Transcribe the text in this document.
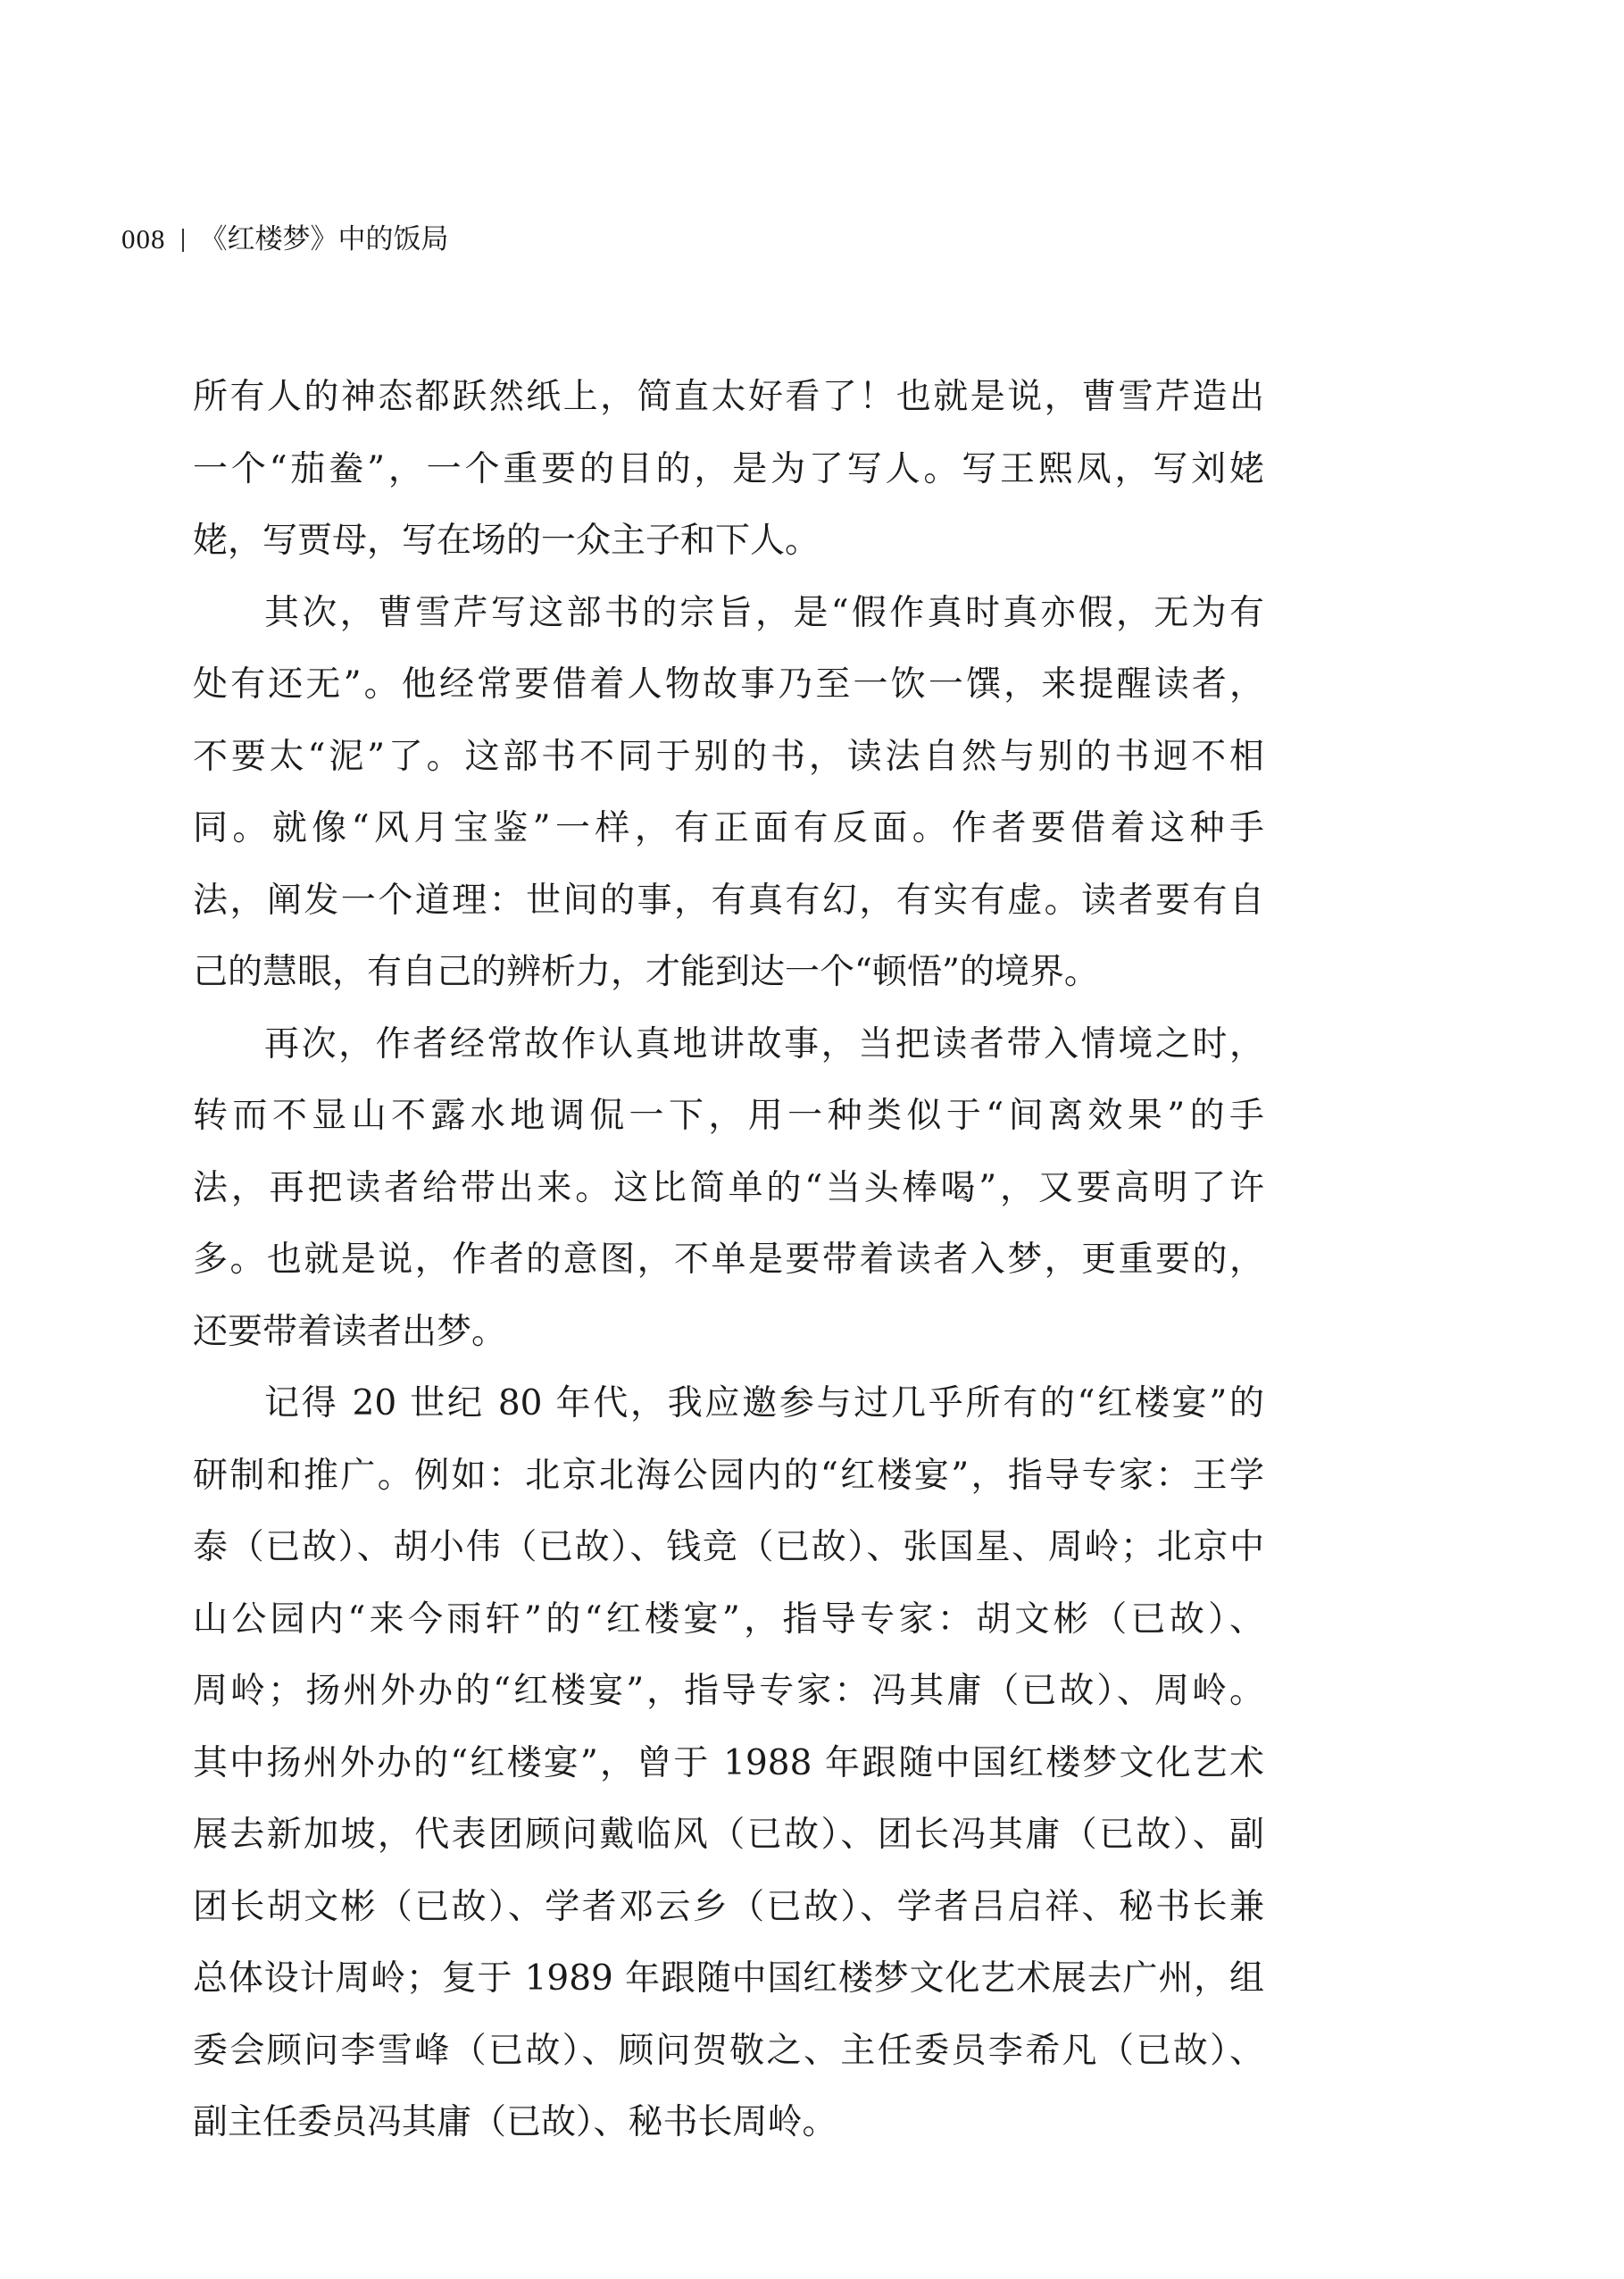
008 《红楼梦》中的饭局
所有人的神态都跃然纸上，简直太好看了！也就是说，曹雪芹造出
一个“茄鲞”，一个重要的目的，是为了写人。写王熙凤，写刘姥
姥，写贾母，写在场的一众主子和下人。
其次，曹雪芹写这部书的宗旨，是“假作真时真亦假，无为有
处有还无”。他经常要借着人物故事乃至一饮一馔，来提醒读者，
不要太“泥”了。这部书不同于别的书，读法自然与别的书迥不相
同。就像“风月宝鉴”一样，有正面有反面。作者要借着这种手
法，阐发一个道理：世间的事，有真有幻，有实有虚。读者要有自
己的慧眼，有自己的辨析力，才能到达一个“顿悟”的境界。
再次，作者经常故作认真地讲故事，当把读者带入情境之时，
转而不显山不露水地调侃一下，用一种类似于“间离效果”的手
法，再把读者给带出来。这比简单的“当头棒喝”，又要高明了许
多。也就是说，作者的意图，不单是要带着读者入梦，更重要的，
还要带着读者出梦。
记得 20 世纪 80 年代，我应邀参与过几乎所有的“红楼宴”的
研制和推广。例如：北京北海公园内的“红楼宴”，指导专家：王学
泰（已故）、胡小伟（已故）、钱竞（已故）、张国星、周岭；北京中
山公园内“来今雨轩”的“红楼宴”，指导专家：胡文彬（已故）、
周岭；扬州外办的“红楼宴”，指导专家：冯其庸（已故）、周岭。
其中扬州外办的“红楼宴”，曾于 1988 年跟随中国红楼梦文化艺术
展去新加坡，代表团顾问戴临风（已故）、团长冯其庸（已故）、副
团长胡文彬（已故）、学者邓云乡（已故）、学者吕启祥、秘书长兼
总体设计周岭；复于 1989 年跟随中国红楼梦文化艺术展去广州，组
委会顾问李雪峰（已故）、顾问贺敬之、主任委员李希凡（已故）、
副主任委员冯其庸（已故）、秘书长周岭。
